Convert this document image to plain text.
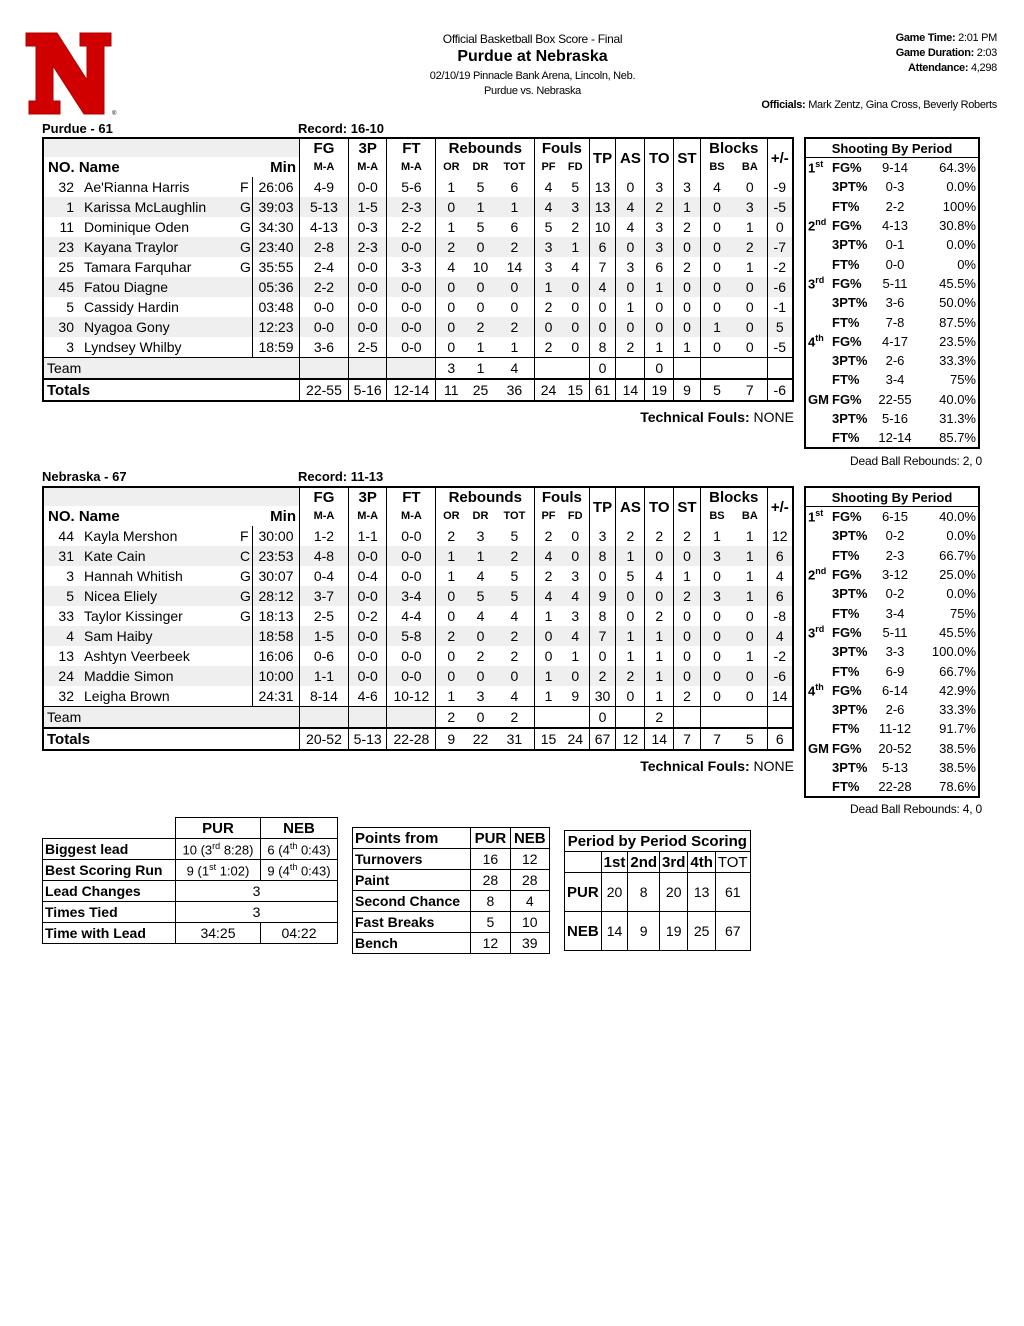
®
Official Basketball Box Score - Final
Purdue at Nebraska
02/10/19 Pinnacle Bank Arena, Lincoln, Neb.
Purdue vs. Nebraska
Game Time: 2:01 PM
Game Duration: 2:03
Attendance: 4,298
Officials: Mark Zentz, Gina Cross, Beverly Roberts
Purdue - 61	Record: 16-10
			FG	3P	FT	Rebounds			Fouls		TP	AS	TO	ST	Blocks		+/-
NO. Name		Min	M-A	M-A	M-A	OR	DR	TOT	PF	FD					BS	BA	
32	Ae'Rianna Harris	F 26:06	4-9	0-0	5-6	1	5	6	4	5	13	0	3	3	4	0	-9
1	Karissa McLaughlin	G 39:03	5-13	1-5	2-3	0	1	1	4	3	13	4	2	1	0	3	-5
11	Dominique Oden	G 34:30	4-13	0-3	2-2	1	5	6	5	2	10	4	3	2	0	1	0
23	Kayana Traylor	G 23:40	2-8	2-3	0-0	2	0	2	3	1	6	0	3	0	0	2	-7
25	Tamara Farquhar	G 35:55	2-4	0-0	3-3	4	10	14	3	4	7	3	6	2	0	1	-2
45	Fatou Diagne	05:36	2-2	0-0	0-0	0	0	0	1	0	4	0	1	0	0	0	-6
5	Cassidy Hardin	03:48	0-0	0-0	0-0	0	0	0	2	0	0	1	0	0	0	0	-1
30	Nyagoa Gony	12:23	0-0	0-0	0-0	0	2	2	0	0	0	0	0	0	1	0	5
3	Lyndsey Whilby	18:59	3-6	2-5	0-0	0	1	1	2	0	8	2	1	1	0	0	-5
Team						3	1	4			0		0				
Totals			22-55	5-16	12-14	11	25	36	24	15	61	14	19	9	5	7	-6
Technical Fouls: NONE
Shooting By Period			
1st	FG%	9-14	64.3%
	3PT%	0-3	0.0%
	FT%	2-2	100%
2nd	FG%	4-13	30.8%
	3PT%	0-1	0.0%
	FT%	0-0	0%
3rd	FG%	5-11	45.5%
	3PT%	3-6	50.0%
	FT%	7-8	87.5%
4th	FG%	4-17	23.5%
	3PT%	2-6	33.3%
	FT%	3-4	75%
GM	FG%	22-55	40.0%
	3PT%	5-16	31.3%
	FT%	12-14	85.7%
Dead Ball Rebounds: 2, 0
Nebraska - 67	Record: 11-13
			FG	3P	FT	Rebounds			Fouls		TP	AS	TO	ST	Blocks		+/-
NO. Name		Min	M-A	M-A	M-A	OR	DR	TOT	PF	FD					BS	BA	
44	Kayla Mershon	F 30:00	1-2	1-1	0-0	2	3	5	2	0	3	2	2	2	1	1	12
31	Kate Cain	C 23:53	4-8	0-0	0-0	1	1	2	4	0	8	1	0	0	3	1	6
3	Hannah Whitish	G 30:07	0-4	0-4	0-0	1	4	5	2	3	0	5	4	1	0	1	4
5	Nicea Eliely	G 28:12	3-7	0-0	3-4	0	5	5	4	4	9	0	0	2	3	1	6
33	Taylor Kissinger	G 18:13	2-5	0-2	4-4	0	4	4	1	3	8	0	2	0	0	0	-8
4	Sam Haiby	18:58	1-5	0-0	5-8	2	0	2	0	4	7	1	1	0	0	0	4
13	Ashtyn Veerbeek	16:06	0-6	0-0	0-0	0	2	2	0	1	0	1	1	0	0	1	-2
24	Maddie Simon	10:00	1-1	0-0	0-0	0	0	0	1	0	2	2	1	0	0	0	-6
32	Leigha Brown	24:31	8-14	4-6	10-12	1	3	4	1	9	30	0	1	2	0	0	14
Team						2	0	2			0		2				
Totals			20-52	5-13	22-28	9	22	31	15	24	67	12	14	7	7	5	6
Technical Fouls: NONE
Shooting By Period			
1st	FG%	6-15	40.0%
	3PT%	0-2	0.0%
	FT%	2-3	66.7%
2nd	FG%	3-12	25.0%
	3PT%	0-2	0.0%
	FT%	3-4	75%
3rd	FG%	5-11	45.5%
	3PT%	3-3	100.0%
	FT%	6-9	66.7%
4th	FG%	6-14	42.9%
	3PT%	2-6	33.3%
	FT%	11-12	91.7%
GM	FG%	20-52	38.5%
	3PT%	5-13	38.5%
	FT%	22-28	78.6%
Dead Ball Rebounds: 4, 0
	PUR	NEB
Biggest lead	10 (3rd 8:28)	6 (4th 0:43)
Best Scoring Run	9 (1st 1:02)	9 (4th 0:43)
Lead Changes	3	
Times Tied	3	
Time with Lead	34:25	04:22
Points from	PUR	NEB
Turnovers	16	12
Paint	28	28
Second Chance	8	4
Fast Breaks	5	10
Bench	12	39
Period by Period Scoring					
	1st	2nd	3rd	4th	TOT
PUR	20	8	20	13	61
NEB	14	9	19	25	67
